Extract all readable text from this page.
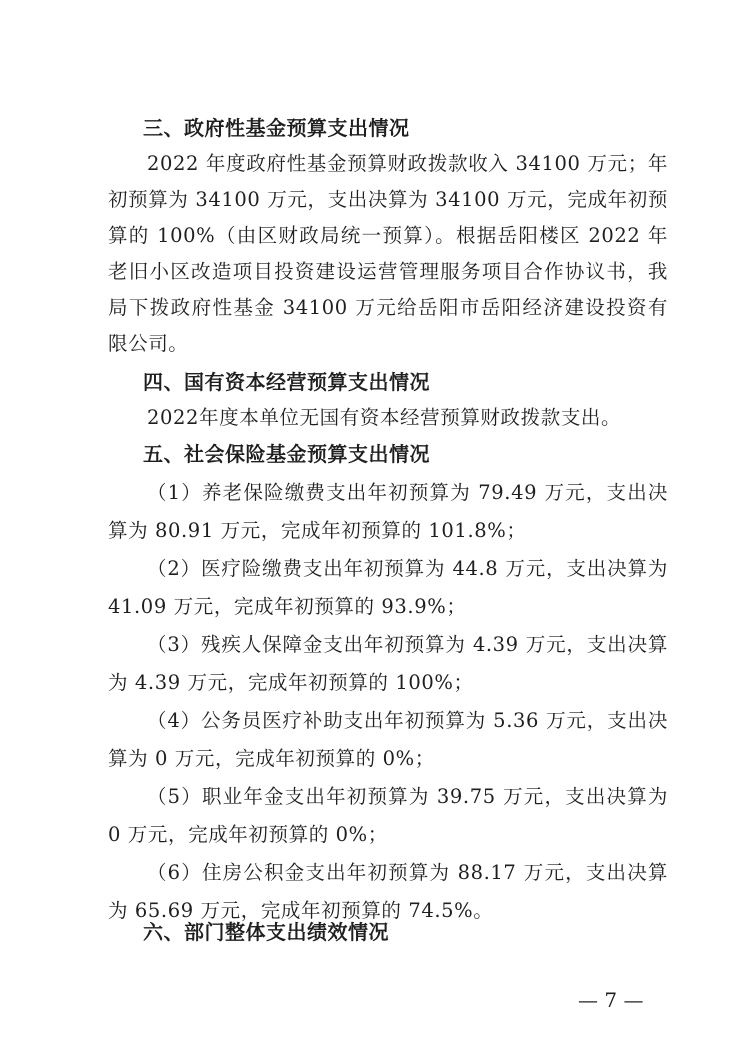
三、政府性基金预算支出情况

2022 年度政府性基金预算财政拨款收入 34100 万元；年初预算为 34100 万元，支出决算为 34100 万元，完成年初预算的 100%（由区财政局统一预算）。根据岳阳楼区 2022 年老旧小区改造项目投资建设运营管理服务项目合作协议书，我局下拨政府性基金 34100 万元给岳阳市岳阳经济建设投资有限公司。

四、国有资本经营预算支出情况

2022年度本单位无国有资本经营预算财政拨款支出。

五、社会保险基金预算支出情况

（1）养老保险缴费支出年初预算为 79.49 万元，支出决算为 80.91 万元，完成年初预算的 101.8%；

（2）医疗险缴费支出年初预算为 44.8 万元，支出决算为 41.09 万元，完成年初预算的 93.9%；

（3）残疾人保障金支出年初预算为 4.39 万元，支出决算为 4.39 万元，完成年初预算的 100%；

（4）公务员医疗补助支出年初预算为 5.36 万元，支出决算为 0 万元，完成年初预算的 0%；

（5）职业年金支出年初预算为 39.75 万元，支出决算为 0 万元，完成年初预算的 0%；

（6）住房公积金支出年初预算为 88.17 万元，支出决算为 65.69 万元，完成年初预算的 74.5%。

六、部门整体支出绩效情况
— 7 —
